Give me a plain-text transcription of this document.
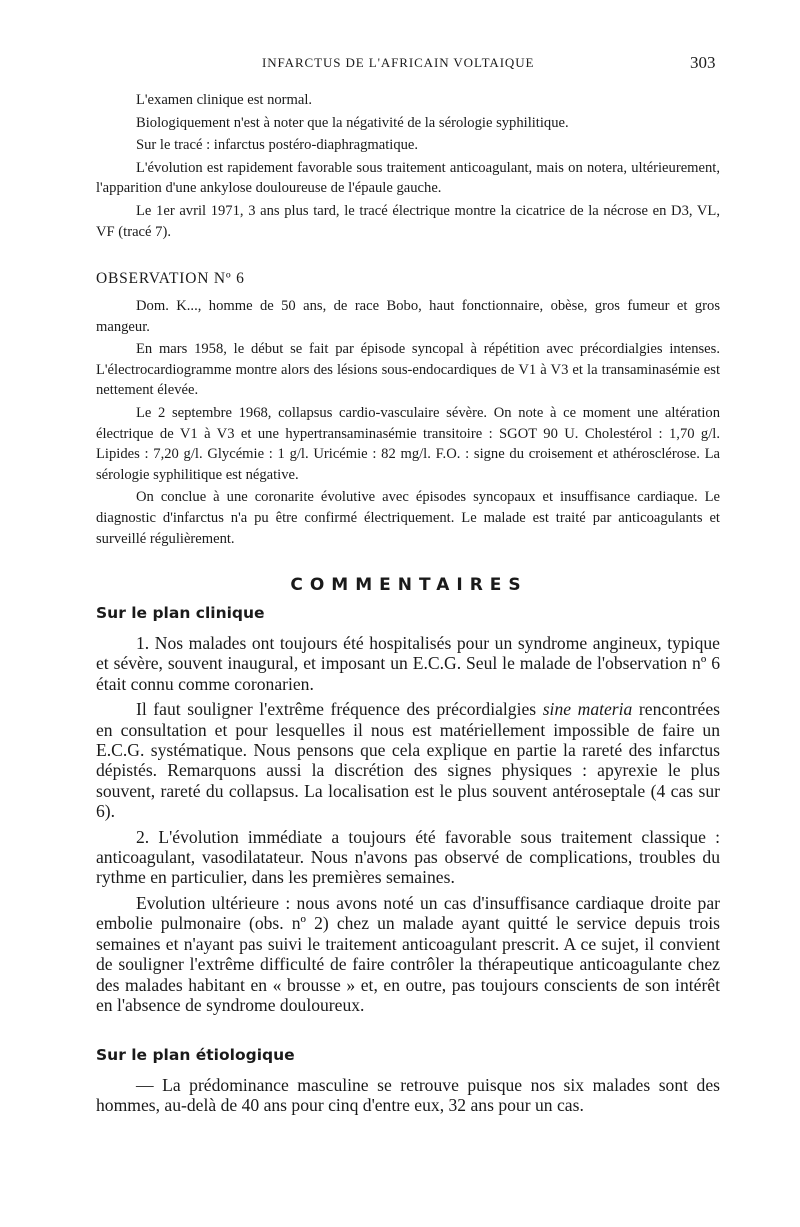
INFARCTUS DE L'AFRICAIN VOLTAIQUE	303

L'examen clinique est normal.

Biologiquement n'est à noter que la négativité de la sérologie syphilitique.

Sur le tracé : infarctus postéro-diaphragmatique.

L'évolution est rapidement favorable sous traitement anticoagulant, mais on notera, ultérieurement, l'apparition d'une ankylose douloureuse de l'épaule gauche.

Le 1er avril 1971, 3 ans plus tard, le tracé électrique montre la cicatrice de la nécrose en D3, VL, VF (tracé 7).

OBSERVATION Nº 6

Dom. K..., homme de 50 ans, de race Bobo, haut fonctionnaire, obèse, gros fumeur et gros mangeur.

En mars 1958, le début se fait par épisode syncopal à répétition avec précordialgies intenses. L'électrocardiogramme montre alors des lésions sous-endocardiques de V1 à V3 et la transaminasémie est nettement élevée.

Le 2 septembre 1968, collapsus cardio-vasculaire sévère. On note à ce moment une altération électrique de V1 à V3 et une hypertransaminasémie transitoire : SGOT 90 U. Cholestérol : 1,70 g/l. Lipides : 7,20 g/l. Glycémie : 1 g/l. Uricémie : 82 mg/l. F.O. : signe du croisement et athérosclérose. La sérologie syphilitique est négative.

On conclue à une coronarite évolutive avec épisodes syncopaux et insuffisance cardiaque. Le diagnostic d'infarctus n'a pu être confirmé électriquement. Le malade est traité par anticoagulants et surveillé régulièrement.

COMMENTAIRES
Sur le plan clinique

1. Nos malades ont toujours été hospitalisés pour un syndrome angineux, typique et sévère, souvent inaugural, et imposant un E.C.G. Seul le malade de l'observation nº 6 était connu comme coronarien.

Il faut souligner l'extrême fréquence des précordialgies sine materia rencontrées en consultation et pour lesquelles il nous est matériellement impossible de faire un E.C.G. systématique. Nous pensons que cela explique en partie la rareté des infarctus dépistés. Remarquons aussi la discrétion des signes physiques : apyrexie le plus souvent, rareté du collapsus. La localisation est le plus souvent antéroseptale (4 cas sur 6).

2. L'évolution immédiate a toujours été favorable sous traitement classique : anticoagulant, vasodilatateur. Nous n'avons pas observé de complications, troubles du rythme en particulier, dans les premières semaines.

Evolution ultérieure : nous avons noté un cas d'insuffisance cardiaque droite par embolie pulmonaire (obs. nº 2) chez un malade ayant quitté le service depuis trois semaines et n'ayant pas suivi le traitement anticoagulant prescrit. A ce sujet, il convient de souligner l'extrême difficulté de faire contrôler la thérapeutique anticoagulante chez des malades habitant en « brousse » et, en outre, pas toujours conscients de son intérêt en l'absence de syndrome douloureux.

Sur le plan étiologique

— La prédominance masculine se retrouve puisque nos six malades sont des hommes, au-delà de 40 ans pour cinq d'entre eux, 32 ans pour un cas.
